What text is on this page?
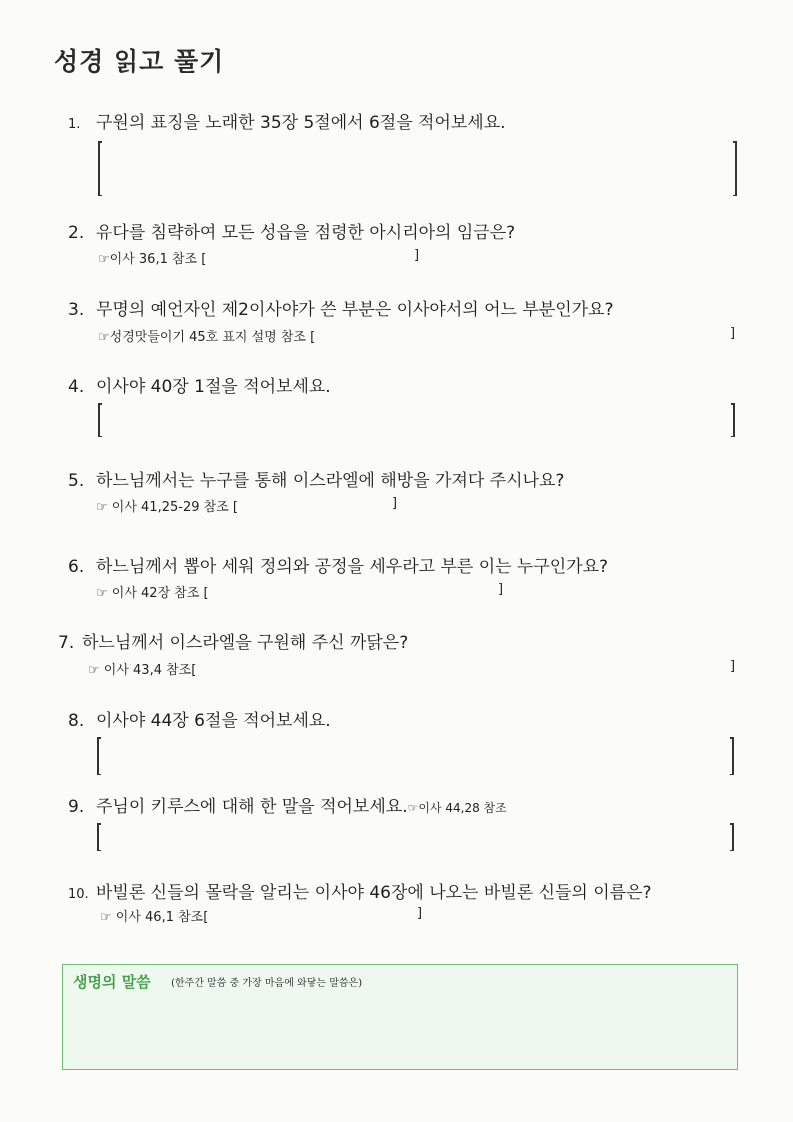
성경 읽고 풀기
1. 구원의 표징을 노래한 35장 5절에서 6절을 적어보세요.
2. 유다를 침략하여 모든 성읍을 점령한 아시리아의 임금은?
☞이사 36,1 참조 [	]
3. 무명의 예언자인 제2이사야가 쓴 부분은 이사야서의 어느 부분인가요?
☞성경맛들이기 45호 표지 설명 참조 [	]
4. 이사야 40장 1절을 적어보세요.
5. 하느님께서는 누구를 통해 이스라엘에 해방을 가져다 주시나요?
☞ 이사 41,25-29 참조 [	]
6. 하느님께서 뽑아 세워 정의와 공정을 세우라고 부른 이는 누구인가요?
☞ 이사 42장 참조 [	]
7. 하느님께서 이스라엘을 구원해 주신 까닭은?
☞ 이사 43,4 참조[	]
8. 이사야 44장 6절을 적어보세요.
9. 주님이 키루스에 대해 한 말을 적어보세요.☞이사 44,28 참조
10. 바빌론 신들의 몰락을 알리는 이사야 46장에 나오는 바빌론 신들의 이름은?
☞ 이사 46,1 참조[	]
생명의 말씀 (한주간 말씀 중 가장 마음에 와닿는 말씀은)
